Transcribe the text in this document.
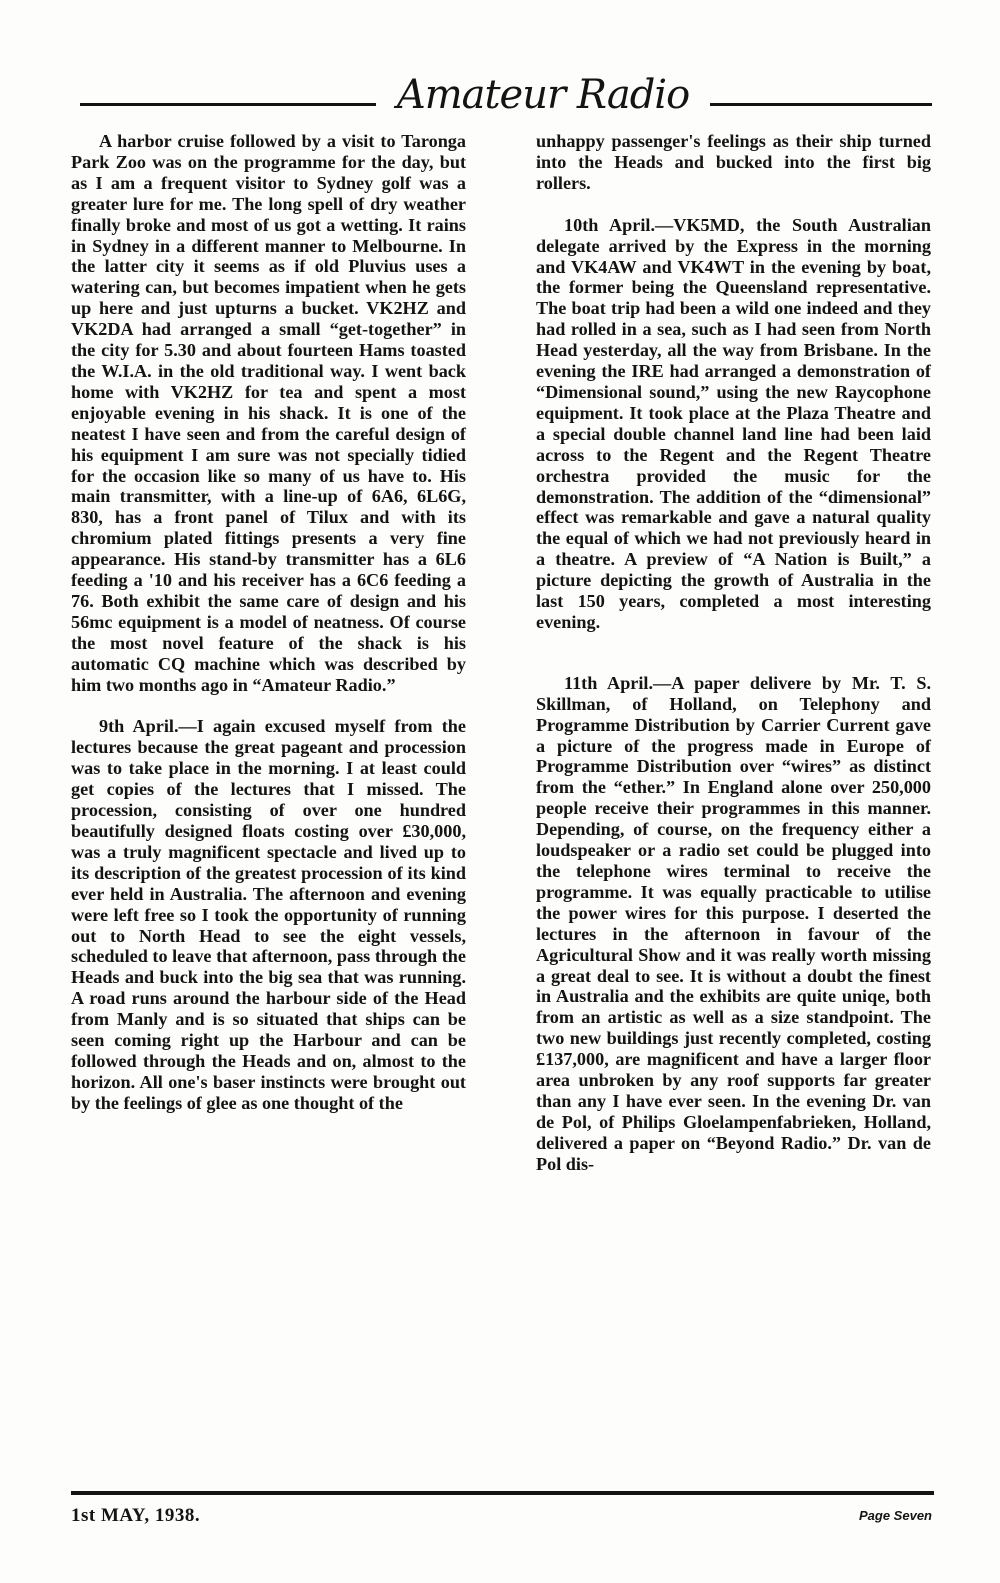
Amateur Radio

A harbor cruise followed by a visit to Taronga Park Zoo was on the programme for the day, but as I am a frequent visitor to Sydney golf was a greater lure for me. The long spell of dry weather finally broke and most of us got a wetting. It rains in Sydney in a different manner to Melbourne. In the latter city it seems as if old Pluvius uses a watering can, but becomes impatient when he gets up here and just upturns a bucket. VK2HZ and VK2DA had arranged a small “get-together” in the city for 5.30 and about fourteen Hams toasted the W.I.A. in the old traditional way. I went back home with VK2HZ for tea and spent a most enjoyable evening in his shack. It is one of the neatest I have seen and from the careful design of his equipment I am sure was not specially tidied for the occasion like so many of us have to. His main transmitter, with a line-up of 6A6, 6L6G, 830, has a front panel of Tilux and with its chromium plated fittings presents a very fine appearance. His stand-by transmitter has a 6L6 feeding a '10 and his receiver has a 6C6 feeding a 76. Both exhibit the same care of design and his 56mc equipment is a model of neatness. Of course the most novel feature of the shack is his automatic CQ machine which was described by him two months ago in “Amateur Radio.”

9th April.—I again excused myself from the lectures because the great pageant and procession was to take place in the morning. I at least could get copies of the lectures that I missed. The procession, consisting of over one hundred beautifully designed floats costing over £30,000, was a truly magnificent spectacle and lived up to its description of the greatest procession of its kind ever held in Australia. The afternoon and evening were left free so I took the opportunity of running out to North Head to see the eight vessels, scheduled to leave that afternoon, pass through the Heads and buck into the big sea that was running. A road runs around the harbour side of the Head from Manly and is so situated that ships can be seen coming right up the Harbour and can be followed through the Heads and on, almost to the horizon. All one's baser instincts were brought out by the feelings of glee as one thought of the

unhappy passenger's feelings as their ship turned into the Heads and bucked into the first big rollers.

10th April.—VK5MD, the South Australian delegate arrived by the Express in the morning and VK4AW and VK4WT in the evening by boat, the former being the Queensland representative. The boat trip had been a wild one indeed and they had rolled in a sea, such as I had seen from North Head yesterday, all the way from Brisbane. In the evening the IRE had arranged a demonstration of “Dimensional sound,” using the new Raycophone equipment. It took place at the Plaza Theatre and a special double channel land line had been laid across to the Regent and the Regent Theatre orchestra provided the music for the demonstration. The addition of the “dimensional” effect was remarkable and gave a natural quality the equal of which we had not previously heard in a theatre. A preview of “A Nation is Built,” a picture depicting the growth of Australia in the last 150 years, completed a most interesting evening.

11th April.—A paper delivere by Mr. T. S. Skillman, of Holland, on Telephony and Programme Distribution by Carrier Current gave a picture of the progress made in Europe of Programme Distribution over “wires” as distinct from the “ether.” In England alone over 250,000 people receive their programmes in this manner. Depending, of course, on the frequency either a loudspeaker or a radio set could be plugged into the telephone wires terminal to receive the programme. It was equally practicable to utilise the power wires for this purpose. I deserted the lectures in the afternoon in favour of the Agricultural Show and it was really worth missing a great deal to see. It is without a doubt the finest in Australia and the exhibits are quite uniqe, both from an artistic as well as a size standpoint. The two new buildings just recently completed, costing £137,000, are magnificent and have a larger floor area unbroken by any roof supports far greater than any I have ever seen. In the evening Dr. van de Pol, of Philips Gloelampenfabrieken, Holland, delivered a paper on “Beyond Radio.” Dr. van de Pol dis-

1st MAY, 1938.	Page Seven
